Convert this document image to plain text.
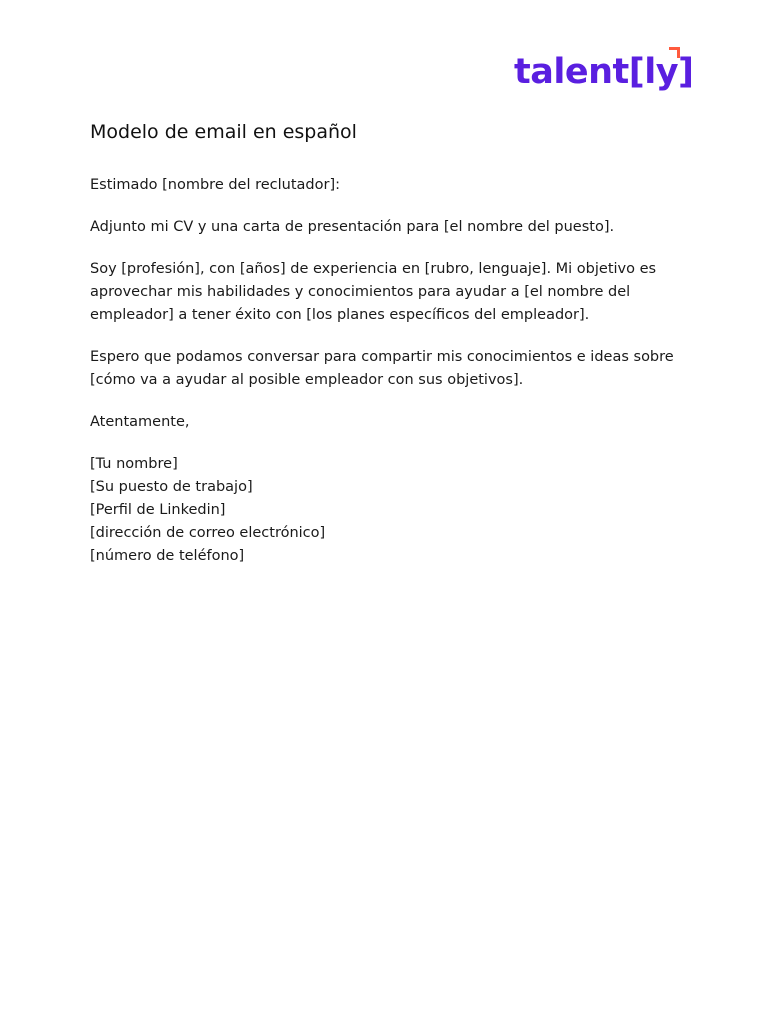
talent[ly]
Modelo de email en español

Estimado [nombre del reclutador]:

Adjunto mi CV y una carta de presentación para [el nombre del puesto].

Soy [profesión], con [años] de experiencia en [rubro, lenguaje]. Mi objetivo es aprovechar mis habilidades y conocimientos para ayudar a [el nombre del empleador] a tener éxito con [los planes específicos del empleador].

Espero que podamos conversar para compartir mis conocimientos e ideas sobre [cómo va a ayudar al posible empleador con sus objetivos].

Atentamente,

[Tu nombre]
[Su puesto de trabajo]
[Perfil de Linkedin]
[dirección de correo electrónico]
[número de teléfono]
